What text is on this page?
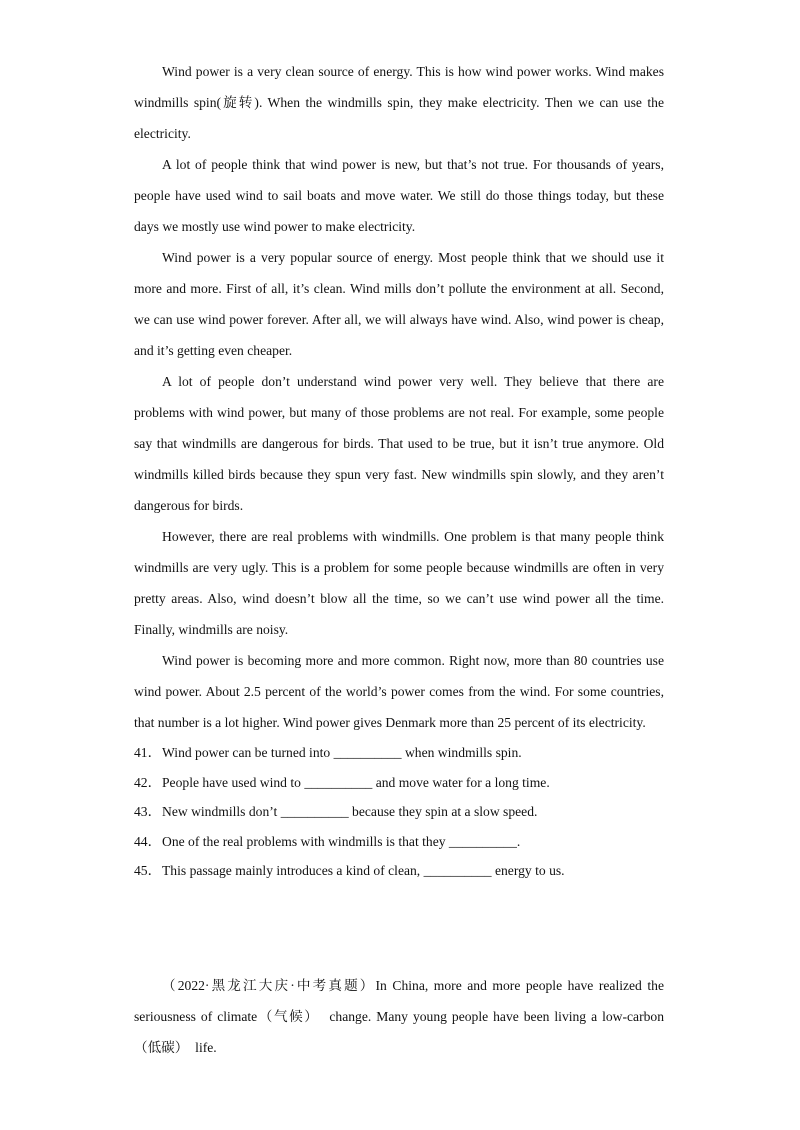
Wind power is a very clean source of energy. This is how wind power works. Wind makes windmills spin(旋转). When the windmills spin, they make electricity. Then we can use the electricity.

A lot of people think that wind power is new, but that’s not true. For thousands of years, people have used wind to sail boats and move water. We still do those things today, but these days we mostly use wind power to make electricity.

Wind power is a very popular source of energy. Most people think that we should use it more and more. First of all, it’s clean. Wind mills don’t pollute the environment at all. Second, we can use wind power forever. After all, we will always have wind. Also, wind power is cheap, and it’s getting even cheaper.

A lot of people don’t understand wind power very well. They believe that there are problems with wind power, but many of those problems are not real. For example, some people say that windmills are dangerous for birds. That used to be true, but it isn’t true anymore. Old windmills killed birds because they spun very fast. New windmills spin slowly, and they aren’t dangerous for birds.

However, there are real problems with windmills. One problem is that many people think windmills are very ugly. This is a problem for some people because windmills are often in very pretty areas. Also, wind doesn’t blow all the time, so we can’t use wind power all the time. Finally, windmills are noisy.

Wind power is becoming more and more common. Right now, more than 80 countries use wind power. About 2.5 percent of the world’s power comes from the wind. For some countries, that number is a lot higher. Wind power gives Denmark more than 25 percent of its electricity.

41．Wind power can be turned into __________ when windmills spin.

42．People have used wind to __________ and move water for a long time.

43．New windmills don’t __________ because they spin at a slow speed.

44．One of the real problems with windmills is that they __________.

45．This passage mainly introduces a kind of clean, __________ energy to us.

（2022·黑龙江大庆·中考真题）In China, more and more people have realized the seriousness of climate（气候）  change. Many young people have been living a low-carbon（低碳）  life.
